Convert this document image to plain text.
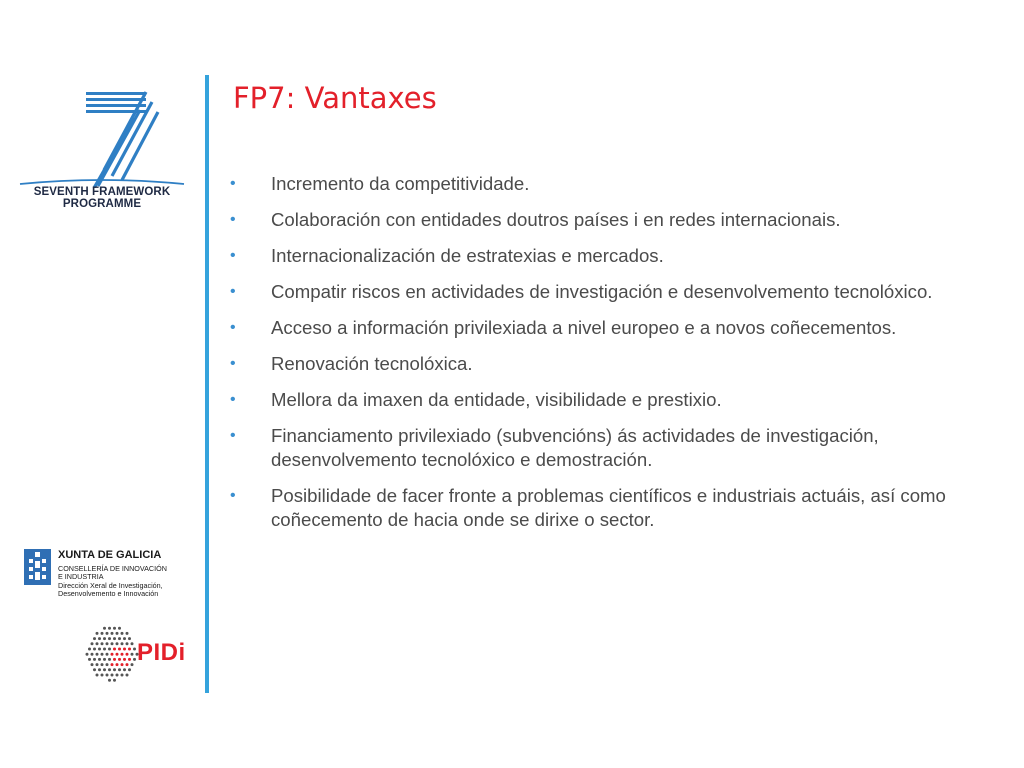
SEVENTH FRAMEWORK
PROGRAMME
XUNTA DE GALICIA
CONSELLERÍA DE INNOVACIÓN
E INDUSTRIA
Dirección Xeral de Investigación,
Desenvolvemento e Innovación
PIDi
FP7: Vantaxes
•	Incremento da competitividade.
•	Colaboración con entidades doutros países i en redes internacionais.
•	Internacionalización de estratexias e mercados.
•	Compatir riscos en actividades de investigación e desenvolvemento tecnolóxico.
•	Acceso a información privilexiada a nivel europeo e a novos coñecementos.
•	Renovación tecnolóxica.
•	Mellora da imaxen da entidade, visibilidade e prestixio.
•	Financiamento privilexiado (subvencións) ás actividades de investigación, desenvolvemento tecnolóxico e demostración.
•	Posibilidade de facer fronte a problemas científicos e industriais actuáis, así como coñecemento de hacia onde se dirixe o sector.
